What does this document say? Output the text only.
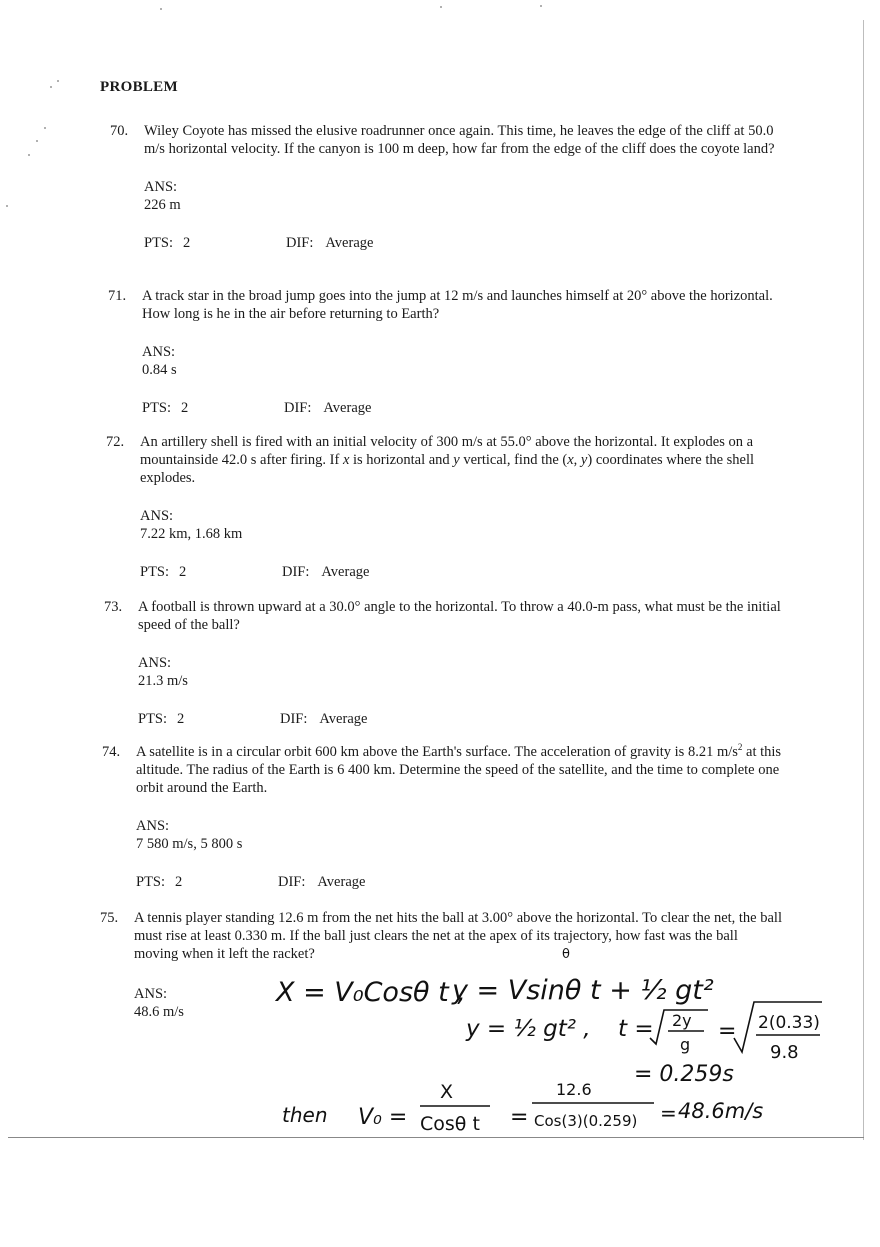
PROBLEM
70. Wiley Coyote has missed the elusive roadrunner once again. This time, he leaves the edge of the cliff at 50.0 m/s horizontal velocity. If the canyon is 100 m deep, how far from the edge of the cliff does the coyote land?
ANS:
226 m
PTS: 2	DIF: Average
71. A track star in the broad jump goes into the jump at 12 m/s and launches himself at 20° above the horizontal. How long is he in the air before returning to Earth?
ANS:
0.84 s
PTS: 2	DIF: Average
72. An artillery shell is fired with an initial velocity of 300 m/s at 55.0° above the horizontal. It explodes on a mountainside 42.0 s after firing. If x is horizontal and y vertical, find the (x, y) coordinates where the shell explodes.
ANS:
7.22 km, 1.68 km
PTS: 2	DIF: Average
73. A football is thrown upward at a 30.0° angle to the horizontal. To throw a 40.0-m pass, what must be the initial speed of the ball?
ANS:
21.3 m/s
PTS: 2	DIF: Average
74. A satellite is in a circular orbit 600 km above the Earth's surface. The acceleration of gravity is 8.21 $m/s^2$ at this altitude. The radius of the Earth is 6 400 km. Determine the speed of the satellite, and the time to complete one orbit around the Earth.
ANS:
7 580 m/s, 5 800 s
PTS: 2	DIF: Average
75. A tennis player standing 12.6 m from the net hits the ball at 3.00° above the horizontal. To clear the net, the ball must rise at least 0.330 m. If the ball just clears the net at the apex of its trajectory, how fast was the ball moving when it left the racket?
ANS:
48.6 m/s
θ
X = V₀Cosθ t ,
y = Vsinθ t + ½ gt²
y = ½ gt² , t = 2y
g
= 2(0.33)
9.8
= 0.259s
then V₀ =
X
Cosθ t =
12.6
Cos(3)(0.259) = 48.6m/s
